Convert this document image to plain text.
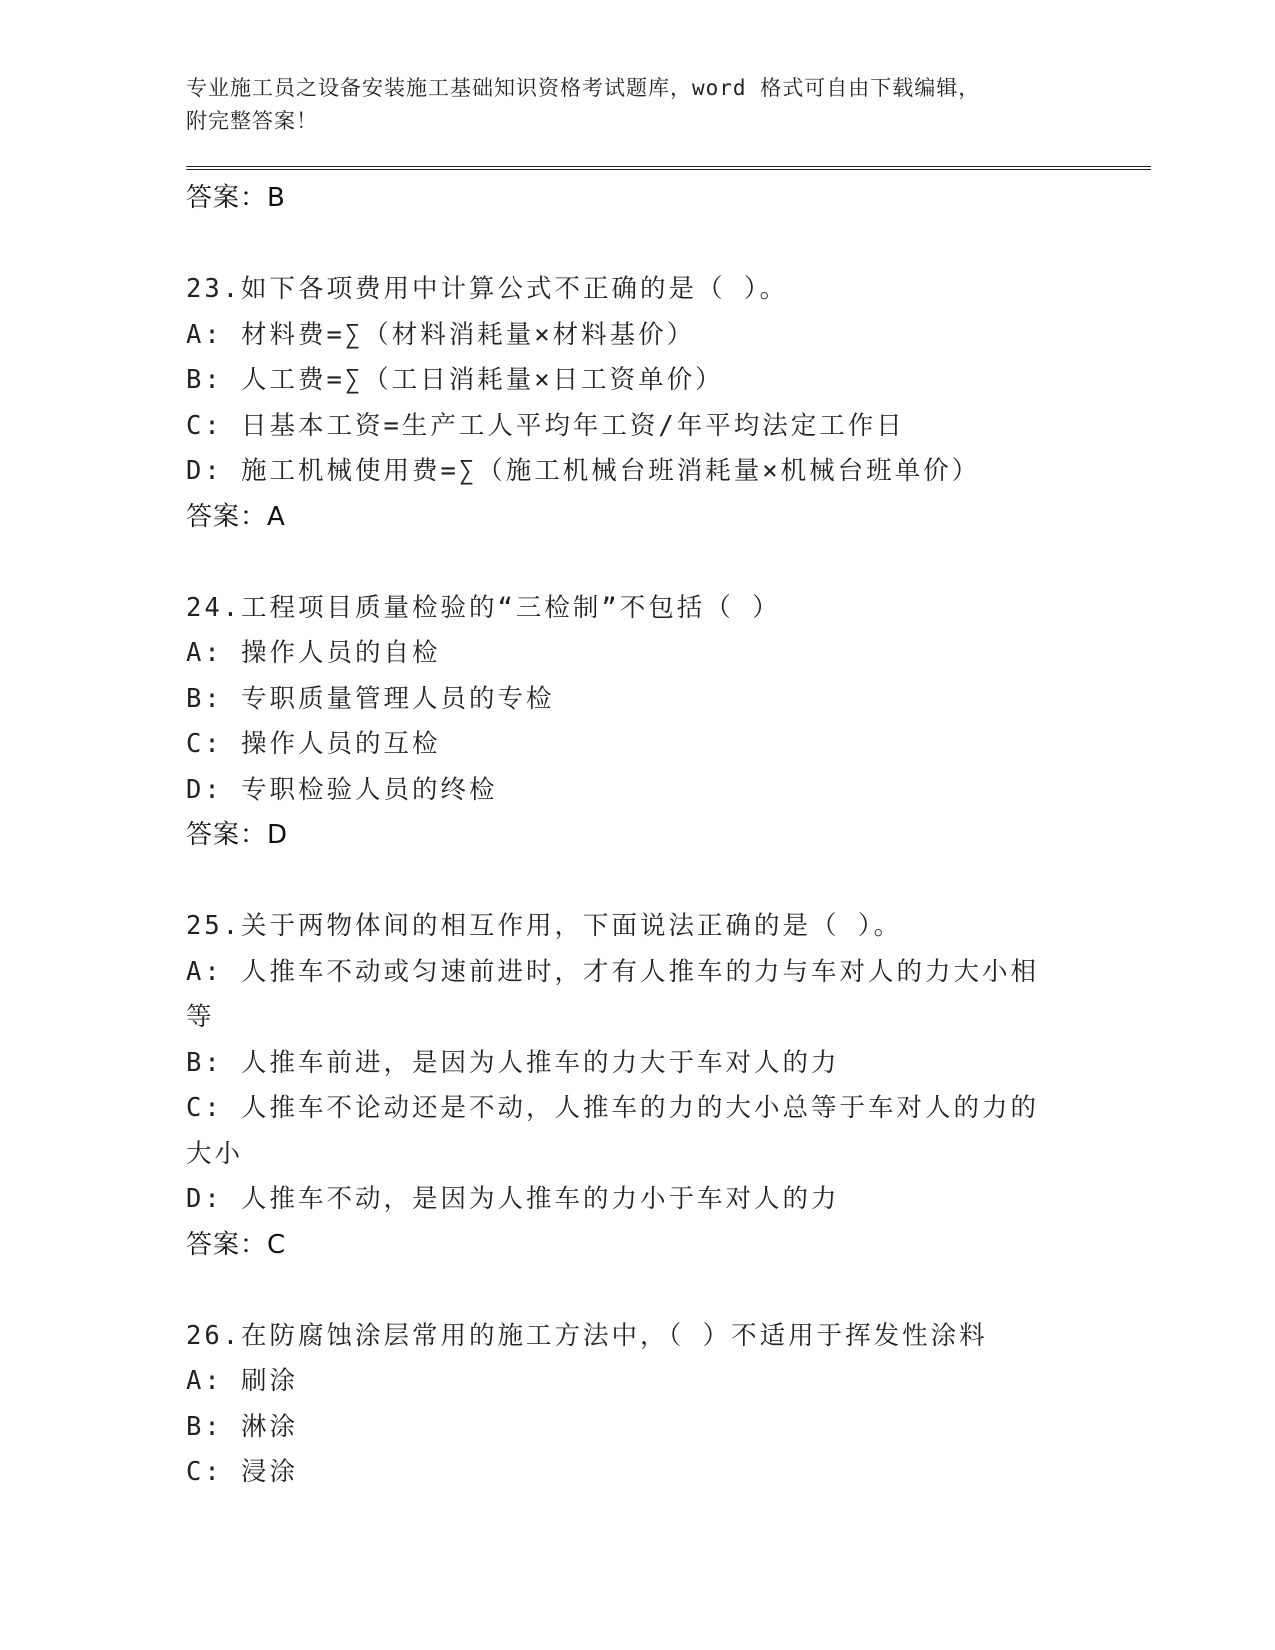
专业施工员之设备安装施工基础知识资格考试题库，word 格式可自由下载编辑，
附完整答案！
答案：B
23.如下各项费用中计算公式不正确的是（ ）。
A: 材料费=∑（材料消耗量×材料基价）
B: 人工费=∑（工日消耗量×日工资单价）
C: 日基本工资=生产工人平均年工资/年平均法定工作日
D: 施工机械使用费=∑（施工机械台班消耗量×机械台班单价）
答案：A
24.工程项目质量检验的“三检制”不包括（ ）
A: 操作人员的自检
B: 专职质量管理人员的专检
C: 操作人员的互检
D: 专职检验人员的终检
答案：D
25.关于两物体间的相互作用，下面说法正确的是（ ）。
A: 人推车不动或匀速前进时，才有人推车的力与车对人的力大小相等
B: 人推车前进，是因为人推车的力大于车对人的力
C: 人推车不论动还是不动，人推车的力的大小总等于车对人的力的大小
D: 人推车不动，是因为人推车的力小于车对人的力
答案：C
26.在防腐蚀涂层常用的施工方法中，（ ）不适用于挥发性涂料
A: 刷涂
B: 淋涂
C: 浸涂
